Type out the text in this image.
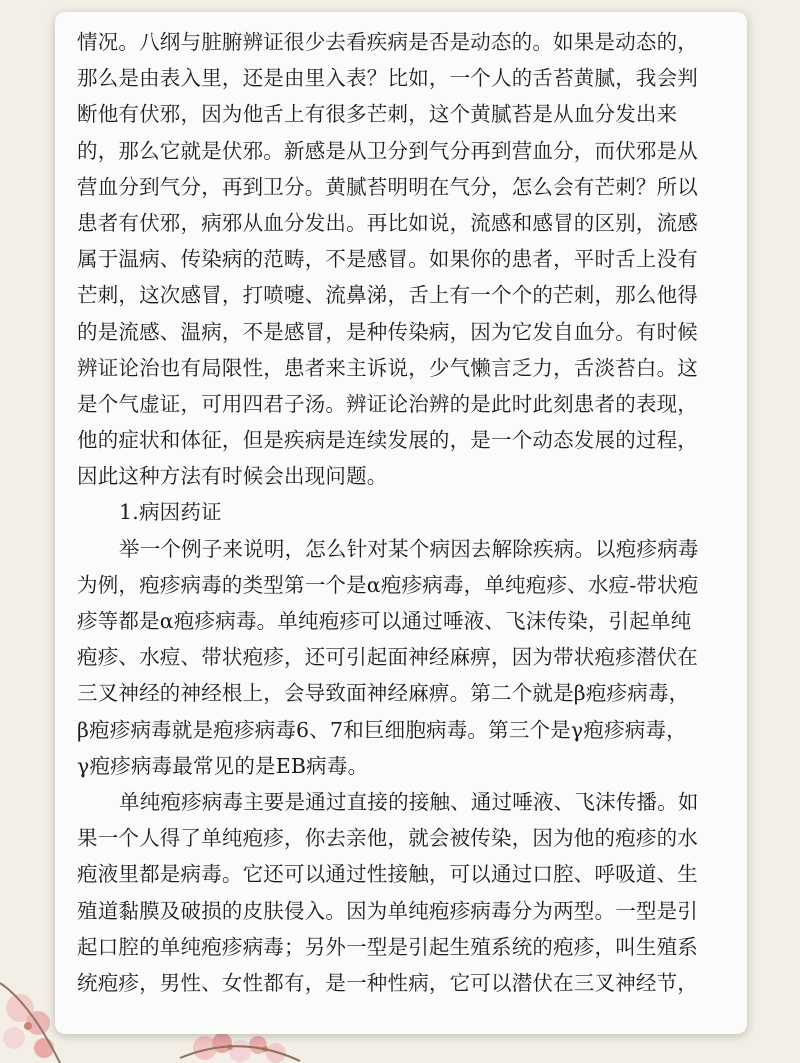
情况。八纲与脏腑辨证很少去看疾病是否是动态的。如果是动态的，
那么是由表入里，还是由里入表？比如，一个人的舌苔黄腻，我会判
断他有伏邪，因为他舌上有很多芒刺，这个黄腻苔是从血分发出来
的，那么它就是伏邪。新感是从卫分到气分再到营血分，而伏邪是从
营血分到气分，再到卫分。黄腻苔明明在气分，怎么会有芒刺？所以
患者有伏邪，病邪从血分发出。再比如说，流感和感冒的区别，流感
属于温病、传染病的范畴，不是感冒。如果你的患者，平时舌上没有
芒刺，这次感冒，打喷嚏、流鼻涕，舌上有一个个的芒刺，那么他得
的是流感、温病，不是感冒，是种传染病，因为它发自血分。有时候
辨证论治也有局限性，患者来主诉说，少气懒言乏力，舌淡苔白。这
是个气虚证，可用四君子汤。辨证论治辨的是此时此刻患者的表现，
他的症状和体征，但是疾病是连续发展的，是一个动态发展的过程，
因此这种方法有时候会出现问题。
1.病因药证
举一个例子来说明，怎么针对某个病因去解除疾病。以疱疹病毒
为例，疱疹病毒的类型第一个是α疱疹病毒，单纯疱疹、水痘-带状疱
疹等都是α疱疹病毒。单纯疱疹可以通过唾液、飞沫传染，引起单纯
疱疹、水痘、带状疱疹，还可引起面神经麻痹，因为带状疱疹潜伏在
三叉神经的神经根上，会导致面神经麻痹。第二个就是β疱疹病毒，
β疱疹病毒就是疱疹病毒6、7和巨细胞病毒。第三个是γ疱疹病毒，
γ疱疹病毒最常见的是EB病毒。
单纯疱疹病毒主要是通过直接的接触、通过唾液、飞沫传播。如
果一个人得了单纯疱疹，你去亲他，就会被传染，因为他的疱疹的水
疱液里都是病毒。它还可以通过性接触，可以通过口腔、呼吸道、生
殖道黏膜及破损的皮肤侵入。因为单纯疱疹病毒分为两型。一型是引
起口腔的单纯疱疹病毒；另外一型是引起生殖系统的疱疹，叫生殖系
统疱疹，男性、女性都有，是一种性病，它可以潜伏在三叉神经节，
